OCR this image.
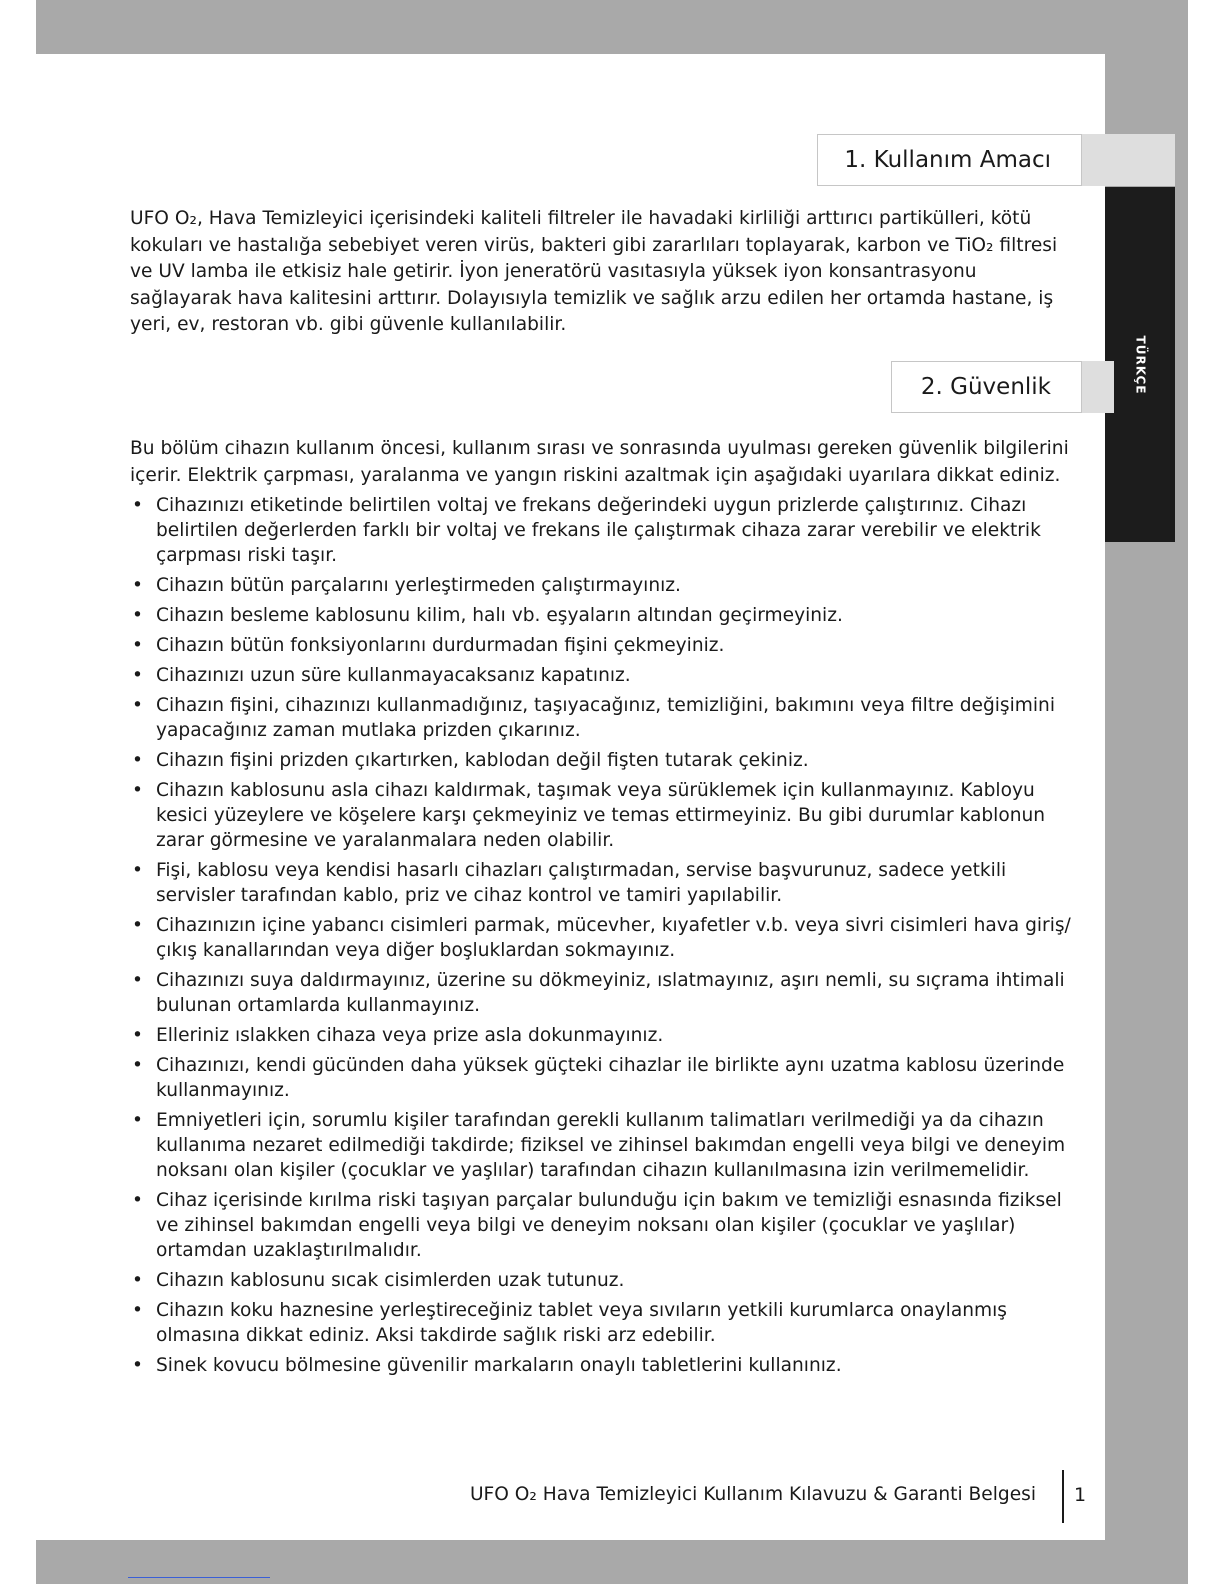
TÜRKÇE
1. Kullanım Amacı

UFO O₂, Hava Temizleyici içerisindeki kaliteli filtreler ile havadaki kirliliği arttırıcı partikülleri, kötü kokuları ve hastalığa sebebiyet veren virüs, bakteri gibi zararlıları toplayarak, karbon ve TiO₂ filtresi ve UV lamba ile etkisiz hale getirir. İyon jeneratörü vasıtasıyla yüksek iyon konsantrasyonu sağlayarak hava kalitesini arttırır. Dolayısıyla temizlik ve sağlık arzu edilen her ortamda hastane, iş yeri, ev, restoran vb. gibi güvenle kullanılabilir.

2. Güvenlik

Bu bölüm cihazın kullanım öncesi, kullanım sırası ve sonrasında uyulması gereken güvenlik bilgilerini içerir. Elektrik çarpması, yaralanma ve yangın riskini azaltmak için aşağıdaki uyarılara dikkat ediniz.

• Cihazınızı etiketinde belirtilen voltaj ve frekans değerindeki uygun prizlerde çalıştırınız. Cihazı belirtilen değerlerden farklı bir voltaj ve frekans ile çalıştırmak cihaza zarar verebilir ve elektrik çarpması riski taşır.
• Cihazın bütün parçalarını yerleştirmeden çalıştırmayınız.
• Cihazın besleme kablosunu kilim, halı vb. eşyaların altından geçirmeyiniz.
• Cihazın bütün fonksiyonlarını durdurmadan fişini çekmeyiniz.
• Cihazınızı uzun süre kullanmayacaksanız kapatınız.
• Cihazın fişini, cihazınızı kullanmadığınız, taşıyacağınız, temizliğini, bakımını veya filtre değişimini yapacağınız zaman mutlaka prizden çıkarınız.
• Cihazın fişini prizden çıkartırken, kablodan değil fişten tutarak çekiniz.
• Cihazın kablosunu asla cihazı kaldırmak, taşımak veya sürüklemek için kullanmayınız. Kabloyu kesici yüzeylere ve köşelere karşı çekmeyiniz ve temas ettirmeyiniz. Bu gibi durumlar kablonun zarar görmesine ve yaralanmalara neden olabilir.
• Fişi, kablosu veya kendisi hasarlı cihazları çalıştırmadan, servise başvurunuz, sadece yetkili servisler tarafından kablo, priz ve cihaz kontrol ve tamiri yapılabilir.
• Cihazınızın içine yabancı cisimleri parmak, mücevher, kıyafetler v.b. veya sivri cisimleri hava giriş/çıkış kanallarından veya diğer boşluklardan sokmayınız.
• Cihazınızı suya daldırmayınız, üzerine su dökmeyiniz, ıslatmayınız, aşırı nemli, su sıçrama ihtimali bulunan ortamlarda kullanmayınız.
• Elleriniz ıslakken cihaza veya prize asla dokunmayınız.
• Cihazınızı, kendi gücünden daha yüksek güçteki cihazlar ile birlikte aynı uzatma kablosu üzerinde kullanmayınız.
• Emniyetleri için, sorumlu kişiler tarafından gerekli kullanım talimatları verilmediği ya da cihazın kullanıma nezaret edilmediği takdirde; fiziksel ve zihinsel bakımdan engelli veya bilgi ve deneyim noksanı olan kişiler (çocuklar ve yaşlılar) tarafından cihazın kullanılmasına izin verilmemelidir.
• Cihaz içerisinde kırılma riski taşıyan parçalar bulunduğu için bakım ve temizliği esnasında fiziksel ve zihinsel bakımdan engelli veya bilgi ve deneyim noksanı olan kişiler (çocuklar ve yaşlılar) ortamdan uzaklaştırılmalıdır.
• Cihazın kablosunu sıcak cisimlerden uzak tutunuz.
• Cihazın koku haznesine yerleştireceğiniz tablet veya sıvıların yetkili kurumlarca onaylanmış olmasına dikkat ediniz. Aksi takdirde sağlık riski arz edebilir.
• Sinek kovucu bölmesine güvenilir markaların onaylı tabletlerini kullanınız.
UFO O₂ Hava Temizleyici Kullanım Kılavuzu & Garanti Belgesi 1
